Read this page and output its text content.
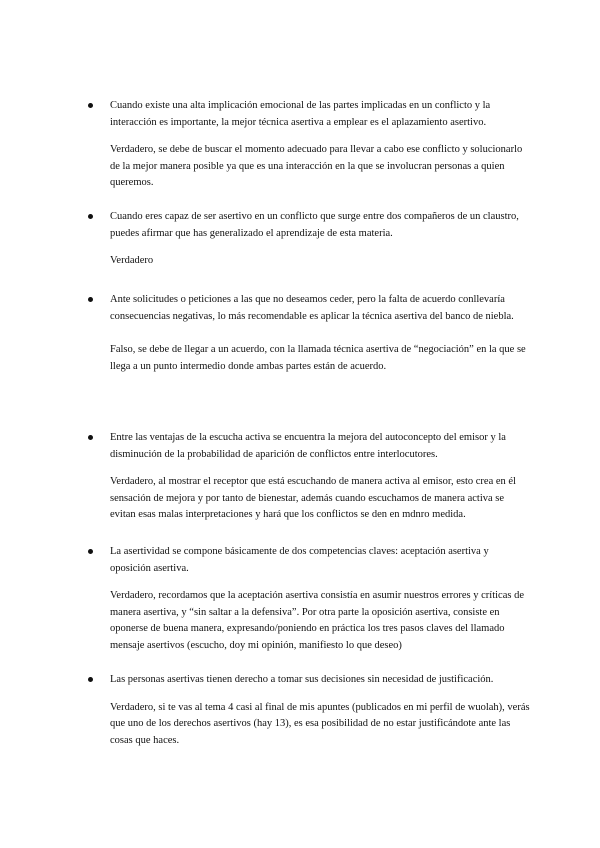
Cuando existe una alta implicación emocional de las partes implicadas en un conflicto y la interacción es importante, la mejor técnica asertiva a emplear es el aplazamiento asertivo.

Verdadero, se debe de buscar el momento adecuado para llevar a cabo ese conflicto y solucionarlo de la mejor manera posible ya que es una interacción en la que se involucran personas a quien queremos.

Cuando eres capaz de ser asertivo en un conflicto que surge entre dos compañeros de un claustro, puedes afirmar que has generalizado el aprendizaje de esta materia.

Verdadero

Ante solicitudes o peticiones a las que no deseamos ceder, pero la falta de acuerdo conllevaría consecuencias negativas, lo más recomendable es aplicar la técnica asertiva del banco de niebla.

Falso, se debe de llegar a un acuerdo, con la llamada técnica asertiva de “negociación” en la que se llega a un punto intermedio donde ambas partes están de acuerdo.

Entre las ventajas de la escucha activa se encuentra la mejora del autoconcepto del emisor y la disminución de la probabilidad de aparición de conflictos entre interlocutores.

Verdadero, al mostrar el receptor que está escuchando de manera activa al emisor, esto crea en él sensación de mejora y por tanto de bienestar, además cuando escuchamos de manera activa se evitan esas malas interpretaciones y hará que los conflictos se den en mdnro medida.

La asertividad se compone básicamente de dos competencias claves: aceptación asertiva y oposición asertiva.

Verdadero, recordamos que la aceptación asertiva consistía en asumir nuestros errores y críticas de manera asertiva, y “sin saltar a la defensiva”. Por otra parte la oposición asertiva, consiste en oponerse de buena manera, expresando/poniendo en práctica los tres pasos claves del llamado mensaje asertivos (escucho, doy mi opinión, manifiesto lo que deseo)

Las personas asertivas tienen derecho a tomar sus decisiones sin necesidad de justificación.

Verdadero, si te vas al tema 4 casi al final de mis apuntes (publicados en mi perfil de wuolah), verás que uno de los derechos asertivos (hay 13), es esa posibilidad de no estar justificándote ante las cosas que haces.
